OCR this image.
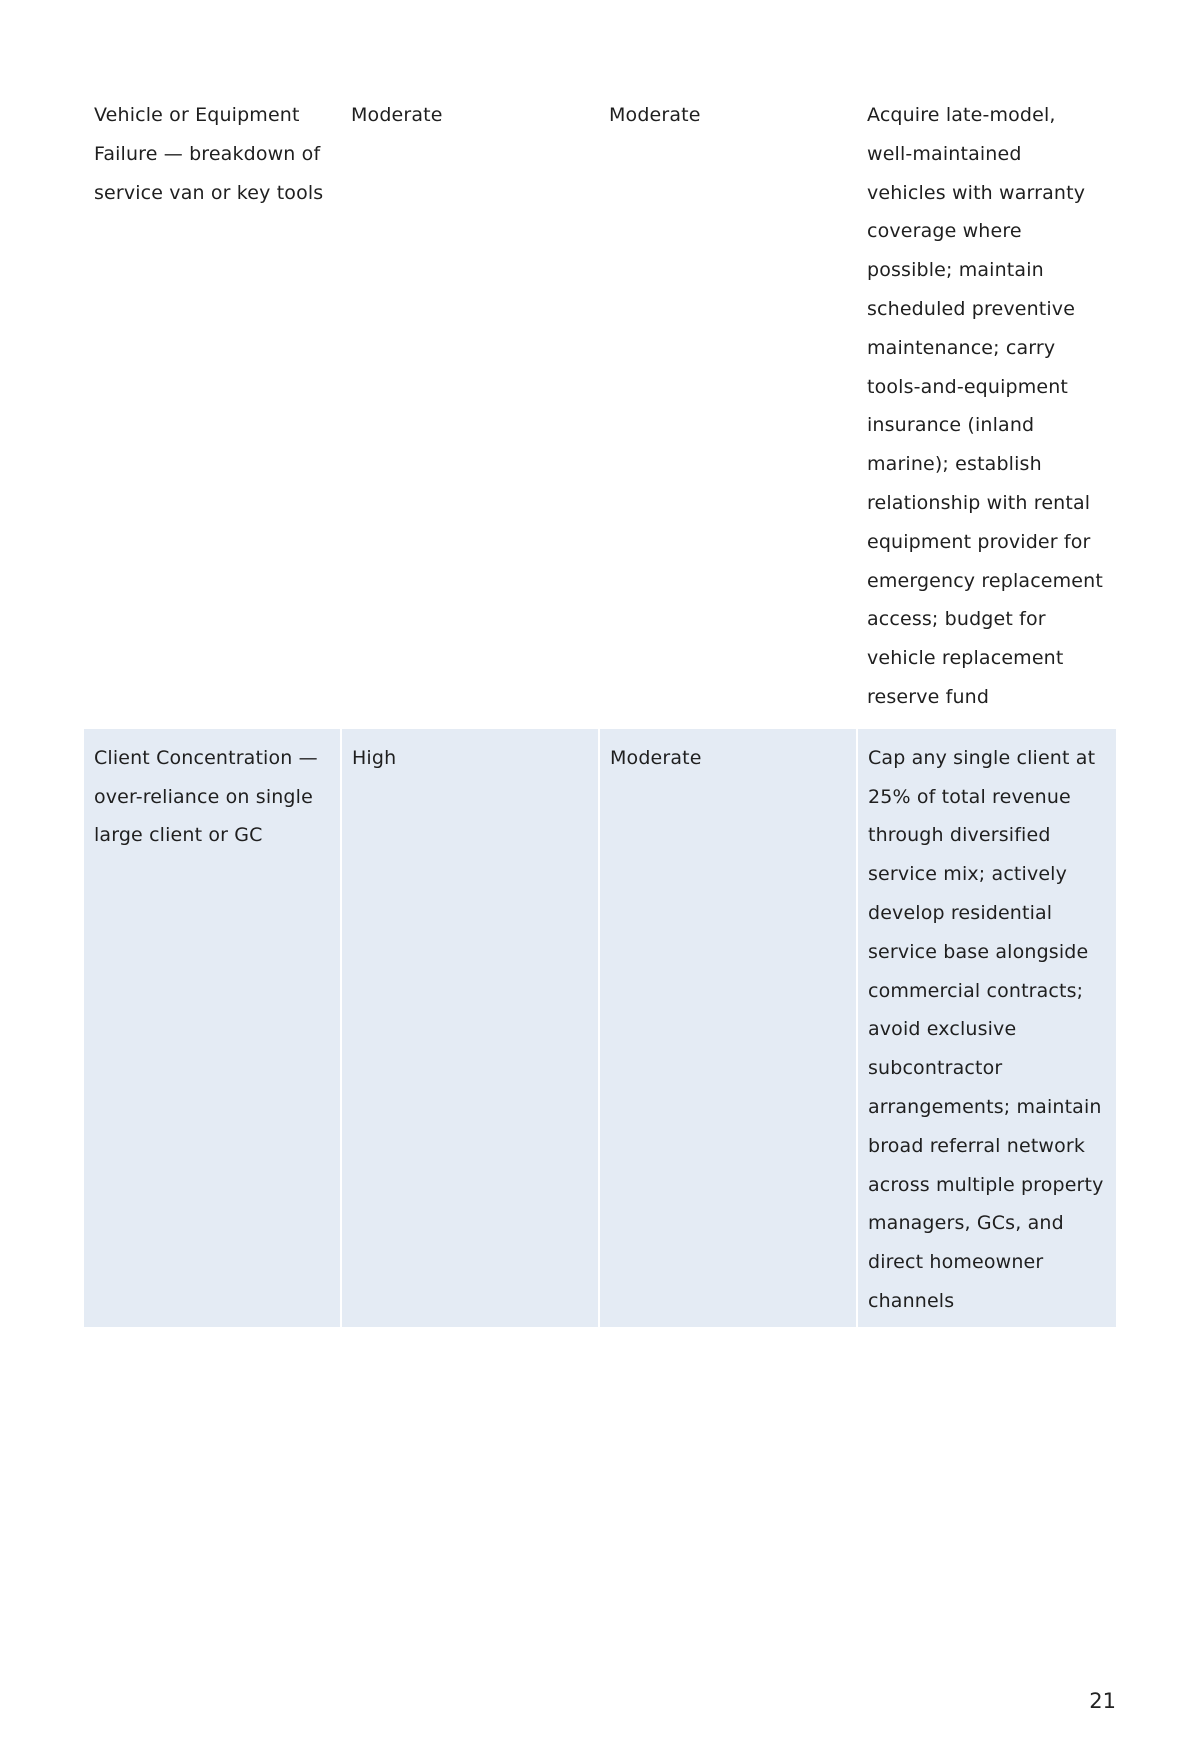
Vehicle or Equipment Failure — breakdown of service van or key tools	Moderate	Moderate	Acquire late-model, well-maintained vehicles with warranty coverage where possible; maintain scheduled preventive maintenance; carry tools-and-equipment insurance (inland marine); establish relationship with rental equipment provider for emergency replacement access; budget for vehicle replacement reserve fund
Client Concentration — over-reliance on single large client or GC	High	Moderate	Cap any single client at 25% of total revenue through diversified service mix; actively develop residential service base alongside commercial contracts; avoid exclusive subcontractor arrangements; maintain broad referral network across multiple property managers, GCs, and direct homeowner channels
21
